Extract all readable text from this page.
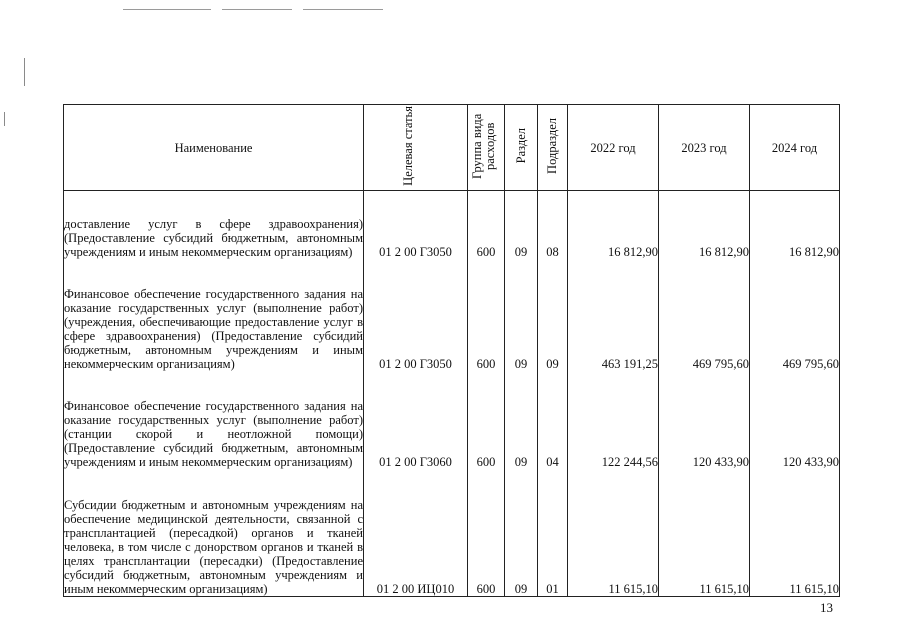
Наименование	Целевая статья	Группа вида расходов	Раздел	Подраздел	2022 год	2023 год	2024 год
доставление услуг в сфере здравоохранения) (Предоставление субсидий бюджетным, автономным учреждениям и иным некоммерческим организациям)	01 2 00 Г3050	600	09	08	16 812,90	16 812,90	16 812,90
Финансовое обеспечение государственного задания на оказание государственных услуг (выполнение работ) (учреждения, обеспечивающие предоставление услуг в сфере здравоохранения) (Предоставление субсидий бюджетным, автономным учреждениям и иным некоммерческим организациям)	01 2 00 Г3050	600	09	09	463 191,25	469 795,60	469 795,60
Финансовое обеспечение государственного задания на оказание государственных услуг (выполнение работ) (станции скорой и неотложной помощи) (Предоставление субсидий бюджетным, автономным учреждениям и иным некоммерческим организациям)	01 2 00 Г3060	600	09	04	122 244,56	120 433,90	120 433,90
Субсидии бюджетным и автономным учреждениям на обеспечение медицинской деятельности, связанной с трансплантацией (пересадкой) органов и тканей человека, в том числе с донорством органов и тканей в целях трансплантации (пересадки) (Предоставление субсидий бюджетным, автономным учреждениям и иным некоммерческим организациям)	01 2 00 ИЦ010	600	09	01	11 615,10	11 615,10	11 615,10
13
